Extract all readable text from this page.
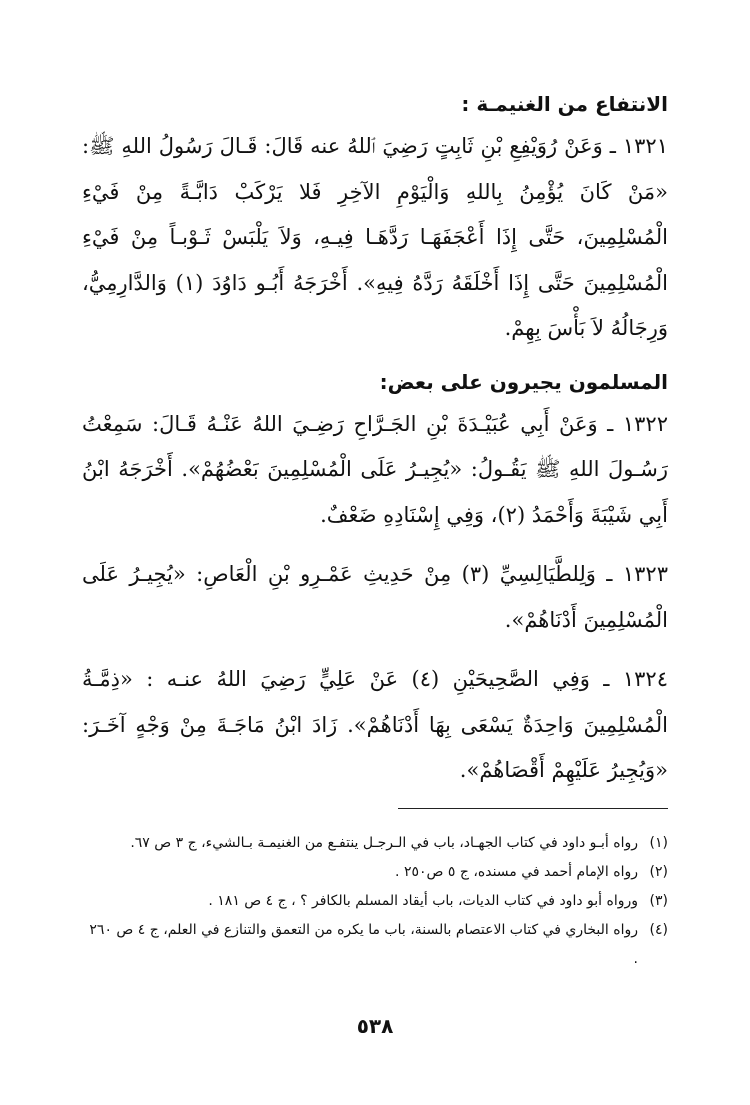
الانتفاع من الغنيمـة :

١٣٢١ ـ وَعَنْ رُوَيْفِعِ بْنِ ثَابِتٍ رَضِيَ ٱللهُ عنه قَالَ: قَـالَ رَسُولُ اللهِ ﷺ: «مَنْ كَانَ يُؤْمِنُ بِاللهِ وَالْيَوْمِ الآخِرِ فَلا يَرْكَبْ دَابَّـةً مِنْ فَيْءِ الْمُسْلِمِينَ، حَتَّى إِذَا أَعْجَفَهَـا رَدَّهَـا فِيـهِ، وَلاَ يَلْبَسْ ثَـوْبـاً مِنْ فَيْءِ الْمُسْلِمِينَ حَتَّى إِذَا أَخْلَقَهُ رَدَّهُ فِيهِ». أَخْرَجَهُ أَبُـو دَاوُدَ (١) وَالدَّارِمِيُّ، وَرِجَالُهُ لاَ بَأْسَ بِهِمْ.

المسلمون يجيرون على بعض:

١٣٢٢ ـ وَعَنْ أَبِي عُبَيْـدَةَ بْنِ الجَـرَّاحِ رَضِـيَ اللهُ عَنْـهُ قَـالَ: سَمِعْتُ رَسُـولَ اللهِ ﷺ يَقُـولُ: «يُجِيـرُ عَلَى الْمُسْلِمِينَ بَعْضُهُمْ». أَخْرَجَهُ ابْنُ أَبِي شَيْبَةَ وَأَحْمَدُ (٢)، وَفِي إِسْنَادِهِ ضَعْفٌ.

١٣٢٣ ـ وَلِلطَّيَالِسِيِّ (٣) مِنْ حَدِيثِ عَمْـرِو بْنِ الْعَاصِ: «يُجِيـرُ عَلَى الْمُسْلِمِينَ أَدْنَاهُمْ».

١٣٢٤ ـ وَفِي الصَّحِيحَيْنِ (٤) عَنْ عَلِيٍّ رَضِيَ اللهُ عنـه : «ذِمَّـةُ الْمُسْلِمِينَ وَاحِدَةٌ يَسْعَى بِهَا أَدْنَاهُمْ». زَادَ ابْنُ مَاجَـةَ مِنْ وَجْهٍ آخَـرَ: «وَيُجِيرُ عَلَيْهِمْ أَقْصَاهُمْ».

(١)
رواه أبـو داود في كتاب الجهـاد، باب في الـرجـل ينتفـع من الغنيمـة بـالشيء، ج ٣ ص ٦٧.
(٢)
رواه الإمام أحمد في مسنده، ج ٥ ص٢٥٠ .
(٣)
ورواه أبو داود في كتاب الديات، باب أيقاد المسلم بالكافر ؟ ، ج ٤ ص ١٨١ .
(٤)
رواه البخاري في كتاب الاعتصام بالسنة، باب ما يكره من التعمق والتنازع في العلم، ج ٤ ص ٢٦٠ .
٥٣٨
